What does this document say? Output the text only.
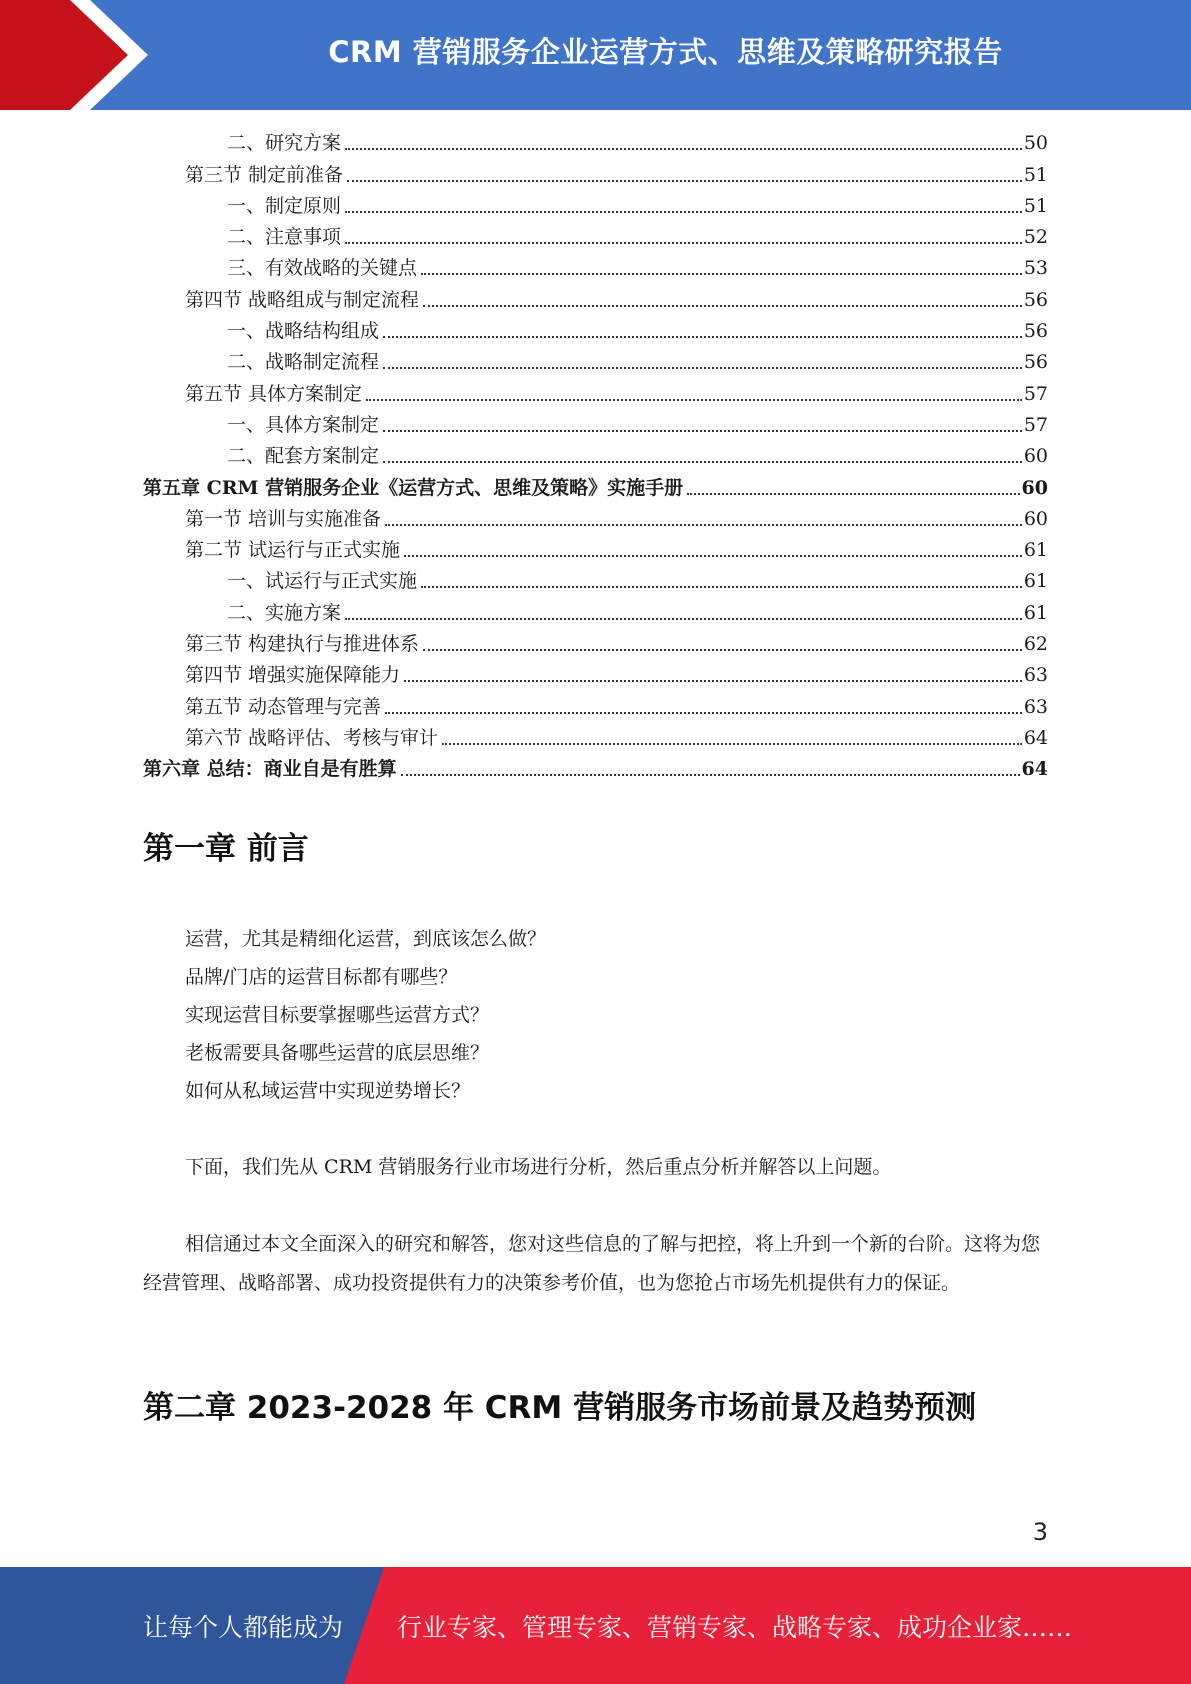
CRM 营销服务企业运营方式、思维及策略研究报告
二、研究方案	50
第三节 制定前准备	51
一、制定原则	51
二、注意事项	52
三、有效战略的关键点	53
第四节 战略组成与制定流程	56
一、战略结构组成	56
二、战略制定流程	56
第五节 具体方案制定	57
一、具体方案制定	57
二、配套方案制定	60
第五章 CRM 营销服务企业《运营方式、思维及策略》实施手册	60
第一节 培训与实施准备	60
第二节 试运行与正式实施	61
一、试运行与正式实施	61
二、实施方案	61
第三节 构建执行与推进体系	62
第四节 增强实施保障能力	63
第五节 动态管理与完善	63
第六节 战略评估、考核与审计	64
第六章 总结：商业自是有胜算	64
第一章 前言
运营，尤其是精细化运营，到底该怎么做？
品牌/门店的运营目标都有哪些？
实现运营目标要掌握哪些运营方式？
老板需要具备哪些运营的底层思维？
如何从私域运营中实现逆势增长？

下面，我们先从 CRM 营销服务行业市场进行分析，然后重点分析并解答以上问题。

相信通过本文全面深入的研究和解答，您对这些信息的了解与把控，将上升到一个新的台阶。这将为您经营管理、战略部署、成功投资提供有力的决策参考价值，也为您抢占市场先机提供有力的保证。

第二章 2023-2028 年 CRM 营销服务市场前景及趋势预测
3
让每个人都能成为 行业专家、管理专家、营销专家、战略专家、成功企业家……
